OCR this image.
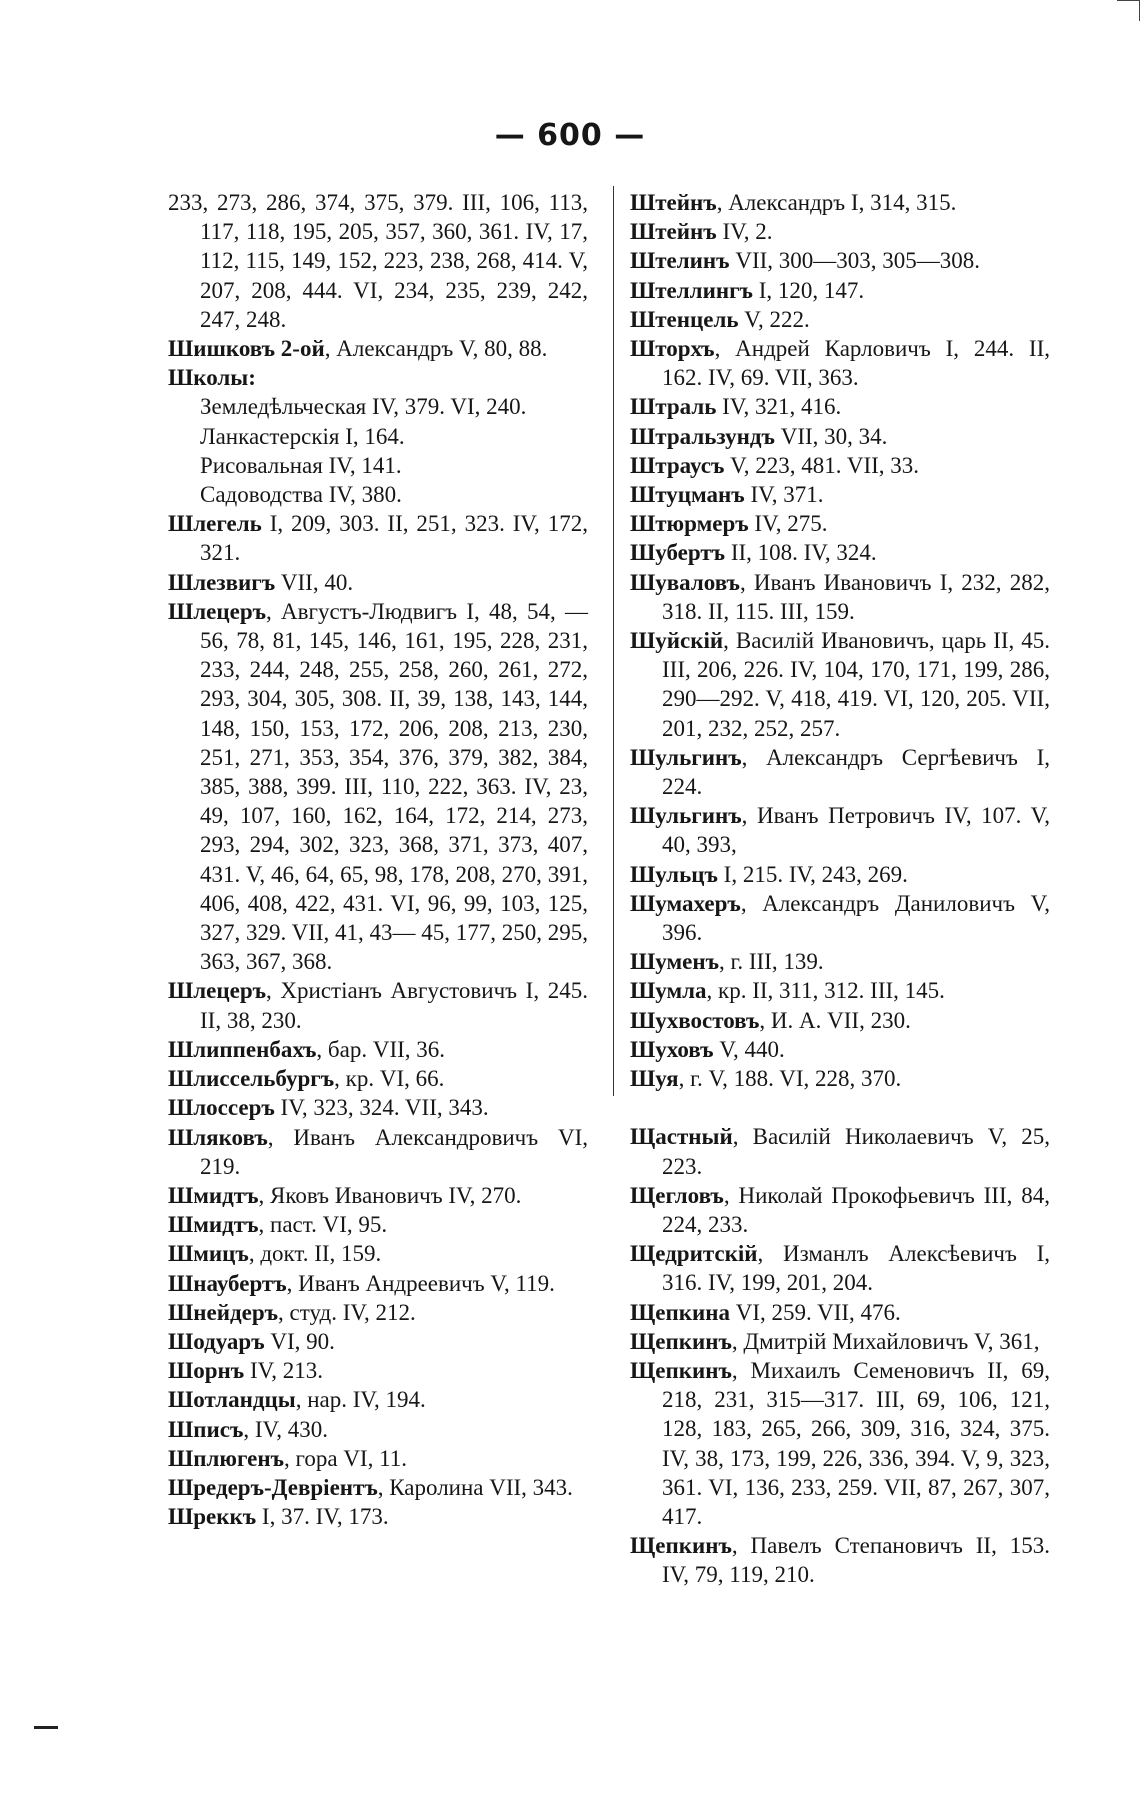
— 600 —
233, 273, 286, 374, 375, 379. III, 106, 113, 117, 118, 195, 205, 357, 360, 361. IV, 17, 112, 115, 149, 152, 223, 238, 268, 414. V, 207, 208, 444. VI, 234, 235, 239, 242, 247, 248.
Шишковъ 2-ой, Александръ V, 80, 88.
Школы:
Земледѣльческая IV, 379. VI, 240.
Ланкастерскія I, 164.
Рисовальная IV, 141.
Садоводства IV, 380.
Шлегель I, 209, 303. II, 251, 323. IV, 172, 321.
Шлезвигъ VII, 40.
Шлецеръ, Августъ-Людвигъ I, 48, 54, —56, 78, 81, 145, 146, 161, 195, 228, 231, 233, 244, 248, 255, 258, 260, 261, 272, 293, 304, 305, 308. II, 39, 138, 143, 144, 148, 150, 153, 172, 206, 208, 213, 230, 251, 271, 353, 354, 376, 379, 382, 384, 385, 388, 399. III, 110, 222, 363. IV, 23, 49, 107, 160, 162, 164, 172, 214, 273, 293, 294, 302, 323, 368, 371, 373, 407, 431. V, 46, 64, 65, 98, 178, 208, 270, 391, 406, 408, 422, 431. VI, 96, 99, 103, 125, 327, 329. VII, 41, 43— 45, 177, 250, 295, 363, 367, 368.
Шлецеръ, Христіанъ Августовичъ I, 245. II, 38, 230.
Шлиппенбахъ, бар. VII, 36.
Шлиссельбургъ, кр. VI, 66.
Шлоссеръ IV, 323, 324. VII, 343.
Шляковъ, Иванъ Александровичъ VI, 219.
Шмидтъ, Яковъ Ивановичъ IV, 270.
Шмидтъ, паст. VI, 95.
Шмицъ, докт. II, 159.
Шнаубертъ, Иванъ Андреевичъ V, 119.
Шнейдеръ, студ. IV, 212.
Шодуаръ VI, 90.
Шорнъ IV, 213.
Шотландцы, нар. IV, 194.
Шписъ, IV, 430.
Шплюгенъ, гора VI, 11.
Шредеръ-Девріентъ, Каролина VII, 343.
Шреккъ I, 37. IV, 173.
Штейнъ, Александръ I, 314, 315.
Штейнъ IV, 2.
Штелинъ VII, 300—303, 305—308.
Штеллингъ I, 120, 147.
Штенцель V, 222.
Шторхъ, Андрей Карловичъ I, 244. II, 162. IV, 69. VII, 363.
Штраль IV, 321, 416.
Штральзундъ VII, 30, 34.
Штраусъ V, 223, 481. VII, 33.
Штуцманъ IV, 371.
Штюрмеръ IV, 275.
Шубертъ II, 108. IV, 324.
Шуваловъ, Иванъ Ивановичъ I, 232, 282, 318. II, 115. III, 159.
Шуйскій, Василій Ивановичъ, царь II, 45. III, 206, 226. IV, 104, 170, 171, 199, 286, 290—292. V, 418, 419. VI, 120, 205. VII, 201, 232, 252, 257.
Шульгинъ, Александръ Сергѣевичъ I, 224.
Шульгинъ, Иванъ Петровичъ IV, 107. V, 40, 393,
Шульцъ I, 215. IV, 243, 269.
Шумахеръ, Александръ Даниловичъ V, 396.
Шуменъ, г. III, 139.
Шумла, кр. II, 311, 312. III, 145.
Шухвостовъ, И. А. VII, 230.
Шуховъ V, 440.
Шуя, г. V, 188. VI, 228, 370.
Щастный, Василій Николаевичъ V, 25, 223.
Щегловъ, Николай Прокофьевичъ III, 84, 224, 233.
Щедритскій, Изманлъ Алексѣевичъ I, 316. IV, 199, 201, 204.
Щепкина VI, 259. VII, 476.
Щепкинъ, Дмитрій Михайловичъ V, 361,
Щепкинъ, Михаилъ Семеновичъ II, 69, 218, 231, 315—317. III, 69, 106, 121, 128, 183, 265, 266, 309, 316, 324, 375. IV, 38, 173, 199, 226, 336, 394. V, 9, 323, 361. VI, 136, 233, 259. VII, 87, 267, 307, 417.
Щепкинъ, Павелъ Степановичъ II, 153. IV, 79, 119, 210.
